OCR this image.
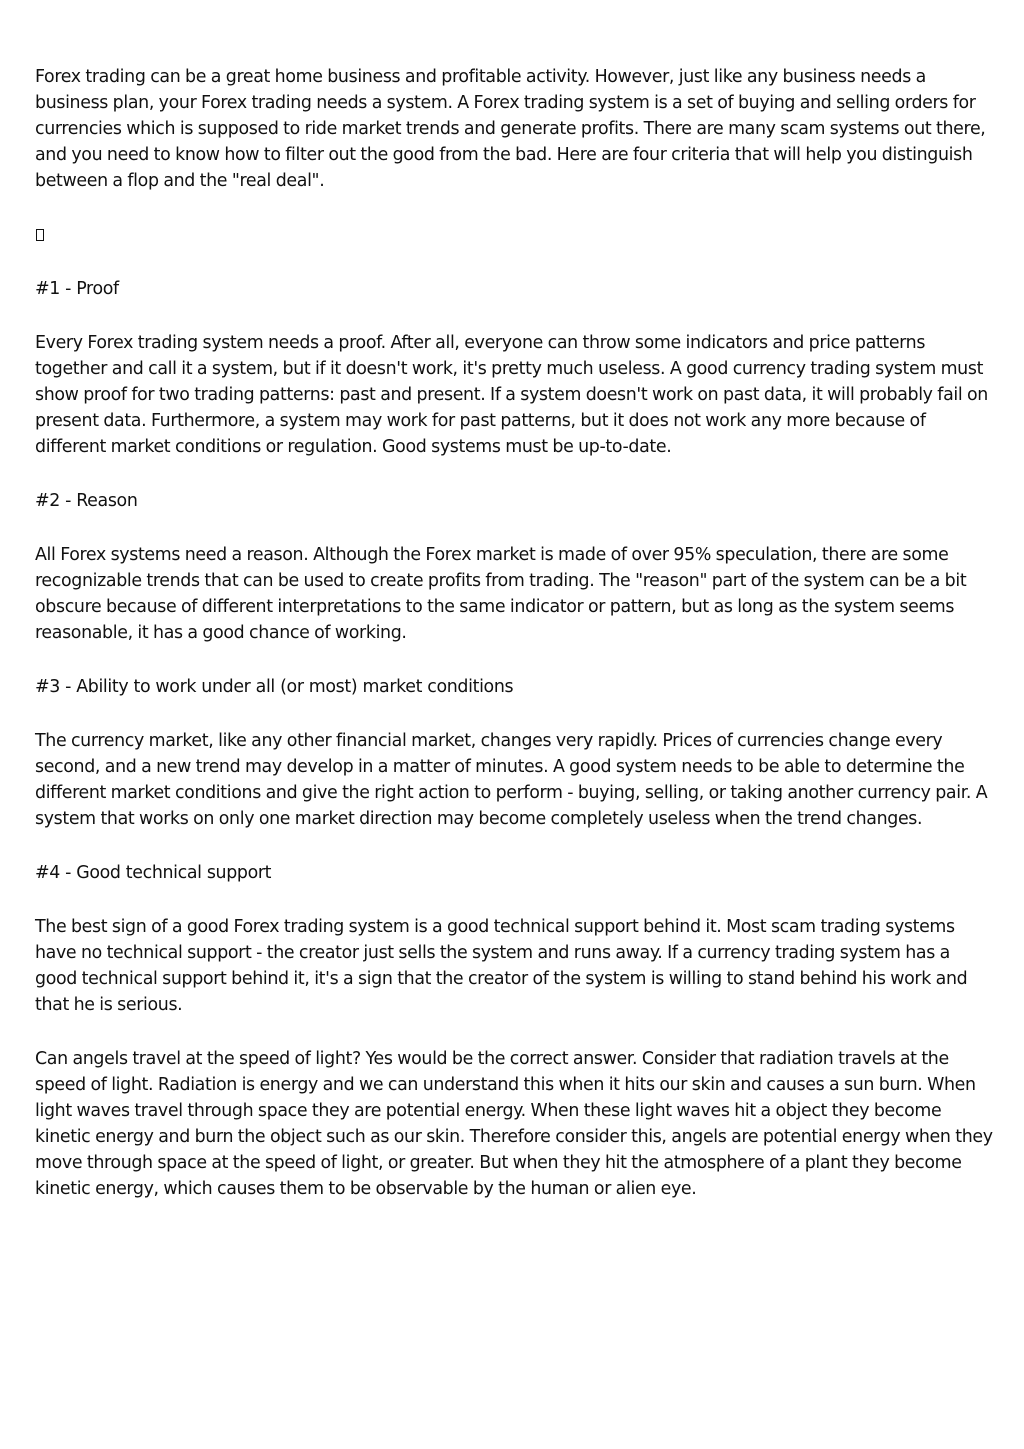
Forex trading can be a great home business and profitable activity. However, just like any business needs a business plan, your Forex trading needs a system. A Forex trading system is a set of buying and selling orders for currencies which is supposed to ride market trends and generate profits. There are many scam systems out there, and you need to know how to filter out the good from the bad. Here are four criteria that will help you distinguish between a flop and the "real deal".

#1 - Proof

Every Forex trading system needs a proof. After all, everyone can throw some indicators and price patterns together and call it a system, but if it doesn't work, it's pretty much useless. A good currency trading system must show proof for two trading patterns: past and present. If a system doesn't work on past data, it will probably fail on present data. Furthermore, a system may work for past patterns, but it does not work any more because of different market conditions or regulation. Good systems must be up-to-date.

#2 - Reason

All Forex systems need a reason. Although the Forex market is made of over 95% speculation, there are some recognizable trends that can be used to create profits from trading. The "reason" part of the system can be a bit obscure because of different interpretations to the same indicator or pattern, but as long as the system seems reasonable, it has a good chance of working.

#3 - Ability to work under all (or most) market conditions

The currency market, like any other financial market, changes very rapidly. Prices of currencies change every second, and a new trend may develop in a matter of minutes. A good system needs to be able to determine the different market conditions and give the right action to perform - buying, selling, or taking another currency pair. A system that works on only one market direction may become completely useless when the trend changes.

#4 - Good technical support

The best sign of a good Forex trading system is a good technical support behind it. Most scam trading systems have no technical support - the creator just sells the system and runs away. If a currency trading system has a good technical support behind it, it's a sign that the creator of the system is willing to stand behind his work and that he is serious.

Can angels travel at the speed of light? Yes would be the correct answer. Consider that radiation travels at the speed of light. Radiation is energy and we can understand this when it hits our skin and causes a sun burn. When light waves travel through space they are potential energy. When these light waves hit a object they become kinetic energy and burn the object such as our skin. Therefore consider this, angels are potential energy when they move through space at the speed of light, or greater. But when they hit the atmosphere of a plant they become kinetic energy, which causes them to be observable by the human or alien eye.
